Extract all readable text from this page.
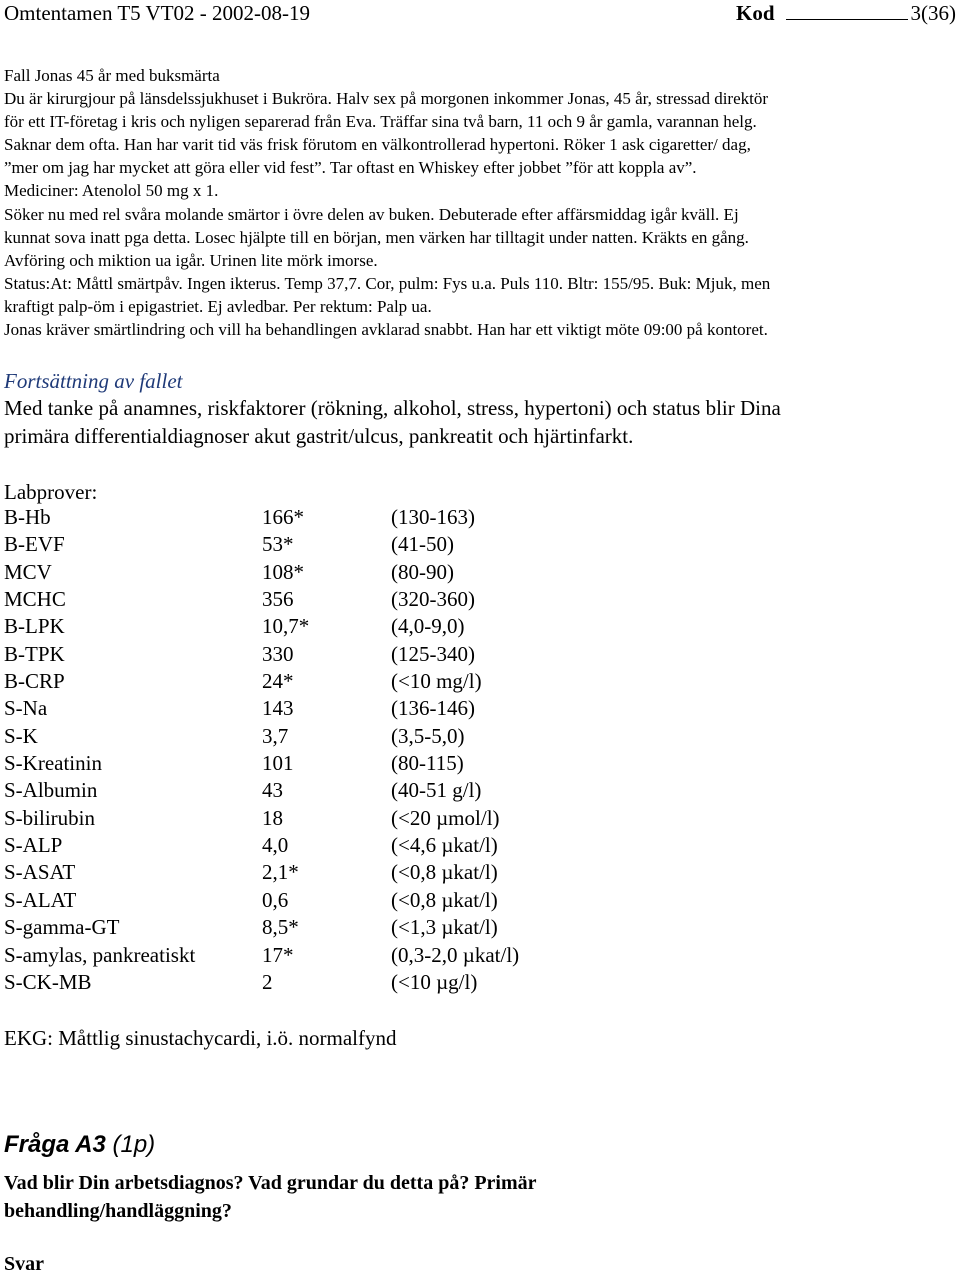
Omtentamen T5 VT02 - 2002-08-19	Kod	3(36)

Fall Jonas 45 år med buksmärta

Du är kirurgjour på länsdelssjukhuset i Bukröra. Halv sex på morgonen inkommer Jonas, 45 år, stressad direktör

för ett IT-företag i kris och nyligen separerad från Eva. Träffar sina två barn, 11 och 9 år gamla, varannan helg.

Saknar dem ofta. Han har varit tid väs frisk förutom en välkontrollerad hypertoni. Röker 1 ask cigaretter/ dag,

”mer om jag har mycket att göra eller vid fest”. Tar oftast en Whiskey efter jobbet ”för att koppla av”.

Mediciner: Atenolol 50 mg x 1.

Söker nu med rel svåra molande smärtor i övre delen av buken. Debuterade efter affärsmiddag igår kväll. Ej

kunnat sova inatt pga detta. Losec hjälpte till en början, men värken har tilltagit under natten. Kräkts en gång.

Avföring och miktion ua igår. Urinen lite mörk imorse.

Status:At: Måttl smärtpåv. Ingen ikterus. Temp 37,7. Cor, pulm: Fys u.a. Puls 110. Bltr: 155/95. Buk: Mjuk, men

kraftigt palp-öm i epigastriet. Ej avledbar. Per rektum: Palp ua.

Jonas kräver smärtlindring och vill ha behandlingen avklarad snabbt. Han har ett viktigt möte 09:00 på kontoret.

Fortsättning av fallet

Med tanke på anamnes, riskfaktorer (rökning, alkohol, stress, hypertoni) och status blir Dina

primära differentialdiagnoser akut gastrit/ulcus, pankreatit och hjärtinfarkt.

Labprover:
B-Hb	166*	(130-163)
B-EVF	53*	(41-50)
MCV	108*	(80-90)
MCHC	356	(320-360)
B-LPK	10,7*	(4,0-9,0)
B-TPK	330	(125-340)
B-CRP	24*	(<10 mg/l)
S-Na	143	(136-146)
S-K	3,7	(3,5-5,0)
S-Kreatinin	101	(80-115)
S-Albumin	43	(40-51 g/l)
S-bilirubin	18	(<20 µmol/l)
S-ALP	4,0	(<4,6 µkat/l)
S-ASAT	2,1*	(<0,8 µkat/l)
S-ALAT	0,6	(<0,8 µkat/l)
S-gamma-GT	8,5*	(<1,3 µkat/l)
S-amylas, pankreatiskt	17*	(0,3-2,0 µkat/l)
S-CK-MB	2	(<10 µg/l)
EKG: Måttlig sinustachycardi, i.ö. normalfynd
Fråga A3 (1p)
Vad blir Din arbetsdiagnos? Vad grundar du detta på? Primär behandling/handläggning?
Svar
